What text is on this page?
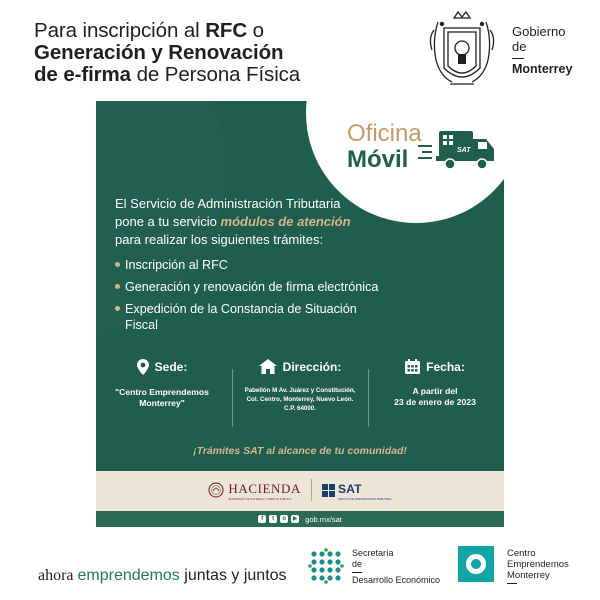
Para inscripción al RFC o
Generación y Renovación
de e-firma de Persona Física
Gobierno
de
Monterrey
SAT
Oficina
Móvil
El Servicio de Administración Tributaria
pone a tu servicio módulos de atención
para realizar los siguientes trámites:
Inscripción al RFC
Generación y renovación de firma electrónica
Expedición de la Constancia de Situación Fiscal
Sede:
"Centro Emprendemos
Monterrey"
Dirección:
Pabellón M Av. Juárez y Constitución,
Col. Centro, Monterrey, Nuevo León.
C.P. 64000.
Fecha:
A partir del
23 de enero de 2023
¡Trámites SAT al alcance de tu comunidad!
HACIENDA
SECRETARÍA DE HACIENDA Y CRÉDITO PÚBLICO
SAT
SERVICIO DE ADMINISTRACIÓN TRIBUTARIA
f	t	o	▶ gob.mx/sat
ahora emprendemos juntas y juntos
Secretaría
de
Desarrollo Económico
Centro
Emprendemos
Monterrey
